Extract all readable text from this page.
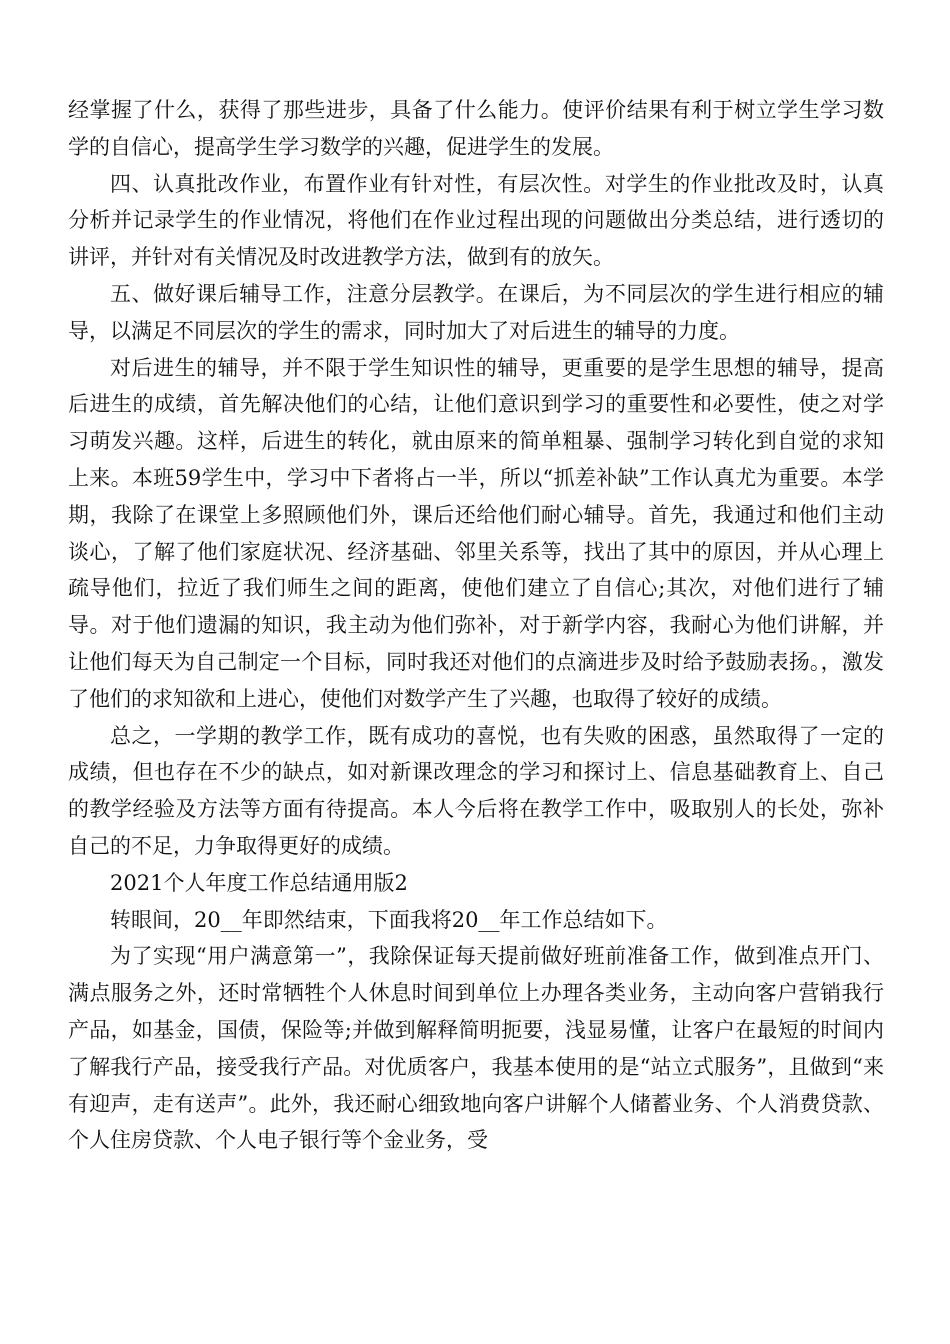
经掌握了什么，获得了那些进步，具备了什么能力。使评价结果有利于树立学生学习数学的自信心，提高学生学习数学的兴趣，促进学生的发展。

四、认真批改作业，布置作业有针对性，有层次性。对学生的作业批改及时，认真分析并记录学生的作业情况，将他们在作业过程出现的问题做出分类总结，进行透切的讲评，并针对有关情况及时改进教学方法，做到有的放矢。

五、做好课后辅导工作，注意分层教学。在课后，为不同层次的学生进行相应的辅导，以满足不同层次的学生的需求，同时加大了对后进生的辅导的力度。

对后进生的辅导，并不限于学生知识性的辅导，更重要的是学生思想的辅导，提高后进生的成绩，首先解决他们的心结，让他们意识到学习的重要性和必要性，使之对学习萌发兴趣。这样，后进生的转化，就由原来的简单粗暴、强制学习转化到自觉的求知上来。本班59学生中，学习中下者将占一半，所以“抓差补缺”工作认真尤为重要。本学期，我除了在课堂上多照顾他们外，课后还给他们耐心辅导。首先，我通过和他们主动谈心，了解了他们家庭状况、经济基础、邻里关系等，找出了其中的原因，并从心理上疏导他们，拉近了我们师生之间的距离，使他们建立了自信心;其次，对他们进行了辅导。对于他们遗漏的知识，我主动为他们弥补，对于新学内容，我耐心为他们讲解，并让他们每天为自己制定一个目标，同时我还对他们的点滴进步及时给予鼓励表扬。，激发了他们的求知欲和上进心，使他们对数学产生了兴趣，也取得了较好的成绩。

总之，一学期的教学工作，既有成功的喜悦，也有失败的困惑，虽然取得了一定的成绩，但也存在不少的缺点，如对新课改理念的学习和探讨上、信息基础教育上、自己的教学经验及方法等方面有待提高。本人今后将在教学工作中，吸取别人的长处，弥补自己的不足，力争取得更好的成绩。

2021个人年度工作总结通用版2

转眼间，20__年即然结束，下面我将20__年工作总结如下。

为了实现“用户满意第一”，我除保证每天提前做好班前准备工作，做到准点开门、满点服务之外，还时常牺牲个人休息时间到单位上办理各类业务，主动向客户营销我行产品，如基金，国债，保险等;并做到解释简明扼要，浅显易懂，让客户在最短的时间内了解我行产品，接受我行产品。对优质客户，我基本使用的是“站立式服务”，且做到“来有迎声，走有送声”。此外，我还耐心细致地向客户讲解个人储蓄业务、个人消费贷款、个人住房贷款、个人电子银行等个金业务，受
